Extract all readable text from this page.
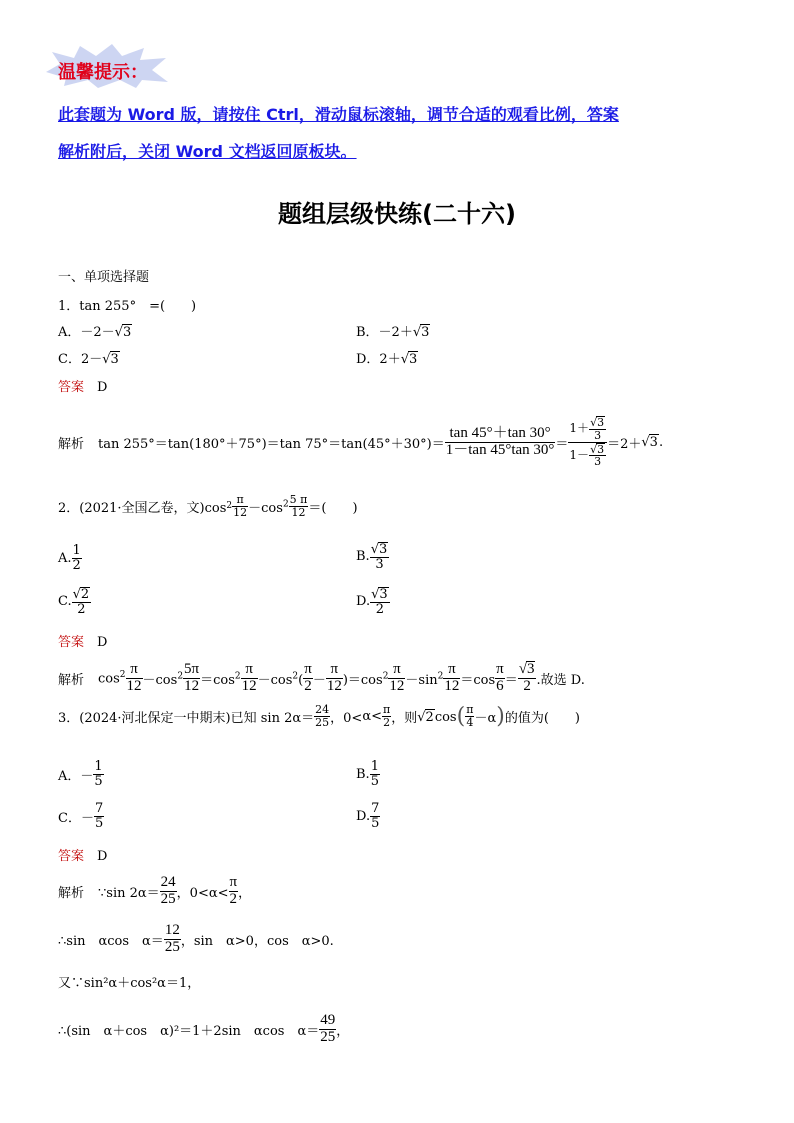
温馨提示：
此套题为 Word 版，请按住 Ctrl，滑动鼠标滚轴，调节合适的观看比例，答案
解析附后，关闭 Word 文档返回原板块。
题组层级快练(二十六)
一、单项选择题
1．tan 255°　=(　　)
A．－2－√3	B．－2＋√3
C．2－√3	D．2＋√3
答案　 D
解析 tan 255°＝tan(180°＋75°)＝tan $75^\circ=\tan(45^\circ+30^\circ)= \frac{\tan 45^\circ+\tan 30^\circ}{1-\tan 45^\circ\tan 30^\circ} = \frac{1+ \frac{√3}{3}}{1- \frac{√3}{3}} =2+ √3$.
2．(2021·全国乙卷，文)cos $2 \frac{\pi}{12} -\cos^2 \frac{5 \pi}{12}$ ＝(　　)
A. $\frac{1}{2}$	B. $\frac{√3}{3}$
C. $\frac{√2}{2}$	D. $\frac{√3}{2}$
答案　 D
解析 $\cos^2 \frac{\pi}{12} -\cos^2 \frac{5\pi}{12} =\cos^2 \frac{\pi}{12} -\cos^2( \frac{\pi}{2} - \frac{\pi}{12} )=\cos^2 \frac{\pi}{12} -\sin^2 \frac{\pi}{12} =\cos \frac{\pi}{6} = \frac{√3}{2}$ .故选 D.
3．(2024·河北保定一中期末)已知 sin 2 $\alpha= \frac{24}{25}$ ，$0< \alpha< \frac{\pi}{2}$ ，则 √2cos ( $\frac{\pi}{4} -\alpha$ ) 的值为(　　)
A．－ $\frac{1}{5}$	B. $\frac{1}{5}$
C．－ $\frac{7}{5}$	D. $\frac{7}{5}$
答案　 D
解析 ∵sin $2\alpha= \frac{24}{25}$ ，$0<\alpha< \frac{\pi}{2}$ ，
∴sin　αcos　$\alpha= \frac{12}{25}$ ，sin　α>0，cos　α>0.
又∵sin²α＋cos²α＝1，
∴(sin　α＋cos　α)²＝1＋2sin　αcos　$\alpha= \frac{49}{25}$ ，
